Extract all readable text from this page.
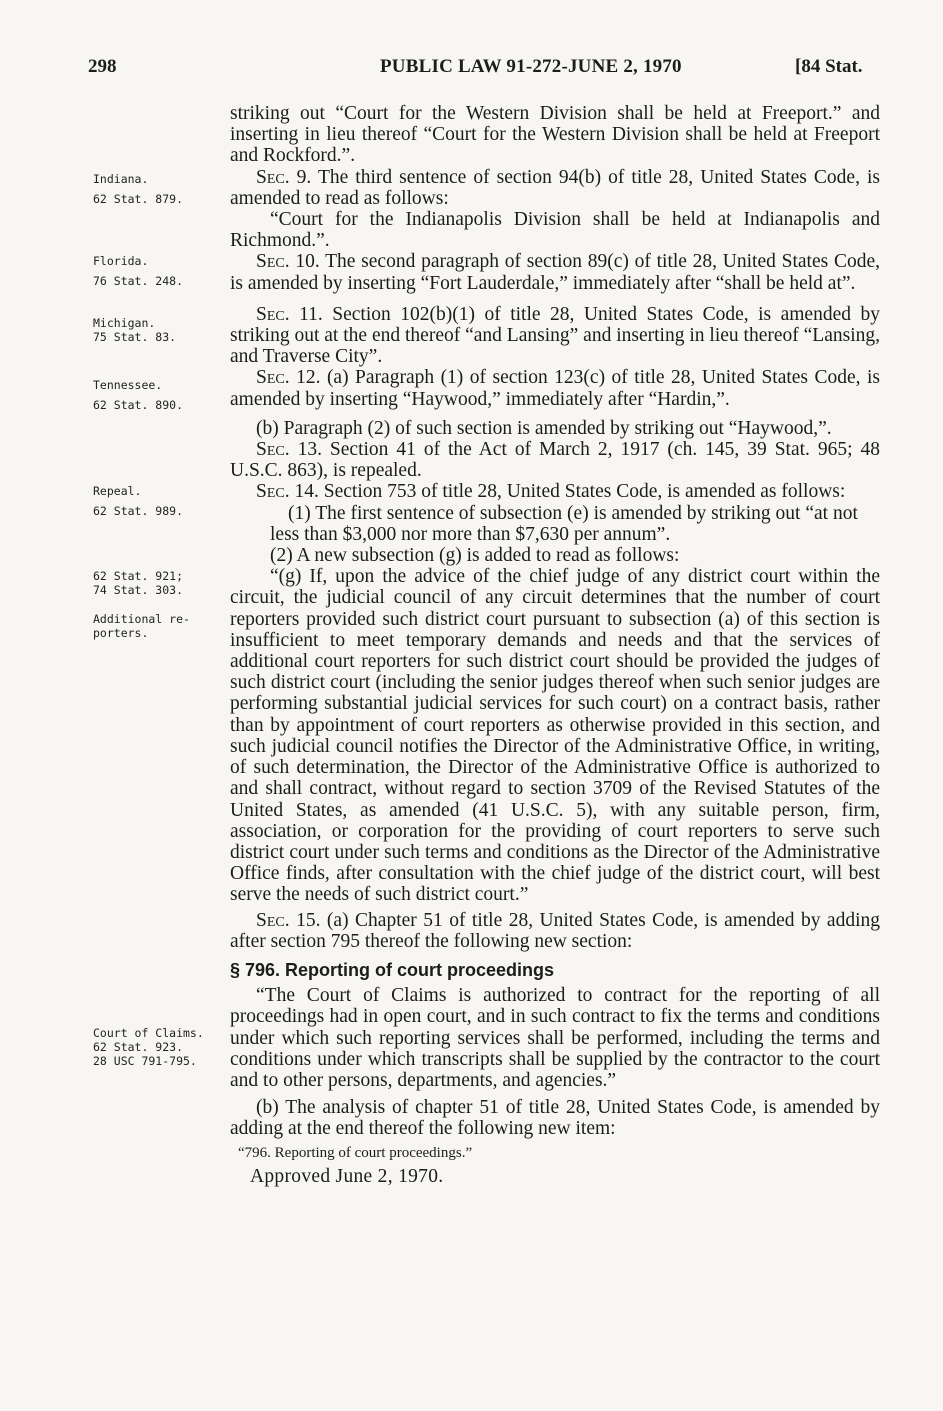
298	PUBLIC LAW 91-272-JUNE 2, 1970	[84 Stat.
Indiana.
62 Stat. 879.
Florida.
76 Stat. 248.
Michigan.
75 Stat. 83.
Tennessee.
62 Stat. 890.
Repeal.
62 Stat. 989.
62 Stat. 921;
74 Stat. 303.
Additional re-
porters.
Court of Claims.
62 Stat. 923.
28 USC 791-795.

striking out “Court for the Western Division shall be held at Freeport.” and inserting in lieu thereof “Court for the Western Division shall be held at Freeport and Rockford.”.

Sec. 9. The third sentence of section 94(b) of title 28, United States Code, is amended to read as follows:

“Court for the Indianapolis Division shall be held at Indianapolis and Richmond.”.

Sec. 10. The second paragraph of section 89(c) of title 28, United States Code, is amended by inserting “Fort Lauderdale,” immediately after “shall be held at”.

Sec. 11. Section 102(b)(1) of title 28, United States Code, is amended by striking out at the end thereof “and Lansing” and inserting in lieu thereof “Lansing, and Traverse City”.

Sec. 12. (a) Paragraph (1) of section 123(c) of title 28, United States Code, is amended by inserting “Haywood,” immediately after “Hardin,”.

(b) Paragraph (2) of such section is amended by striking out “Haywood,”.

Sec. 13. Section 41 of the Act of March 2, 1917 (ch. 145, 39 Stat. 965; 48 U.S.C. 863), is repealed.

Sec. 14. Section 753 of title 28, United States Code, is amended as follows:

(1) The first sentence of subsection (e) is amended by striking out “at not less than $3,000 nor more than $7,630 per annum”.

(2) A new subsection (g) is added to read as follows:

“(g) If, upon the advice of the chief judge of any district court within the circuit, the judicial council of any circuit determines that the number of court reporters provided such district court pursuant to subsection (a) of this section is insufficient to meet temporary demands and needs and that the services of additional court reporters for such district court should be provided the judges of such district court (including the senior judges thereof when such senior judges are performing substantial judicial services for such court) on a contract basis, rather than by appointment of court reporters as otherwise provided in this section, and such judicial council notifies the Director of the Administrative Office, in writing, of such determination, the Director of the Administrative Office is authorized to and shall contract, without regard to section 3709 of the Revised Statutes of the United States, as amended (41 U.S.C. 5), with any suitable person, firm, association, or corporation for the providing of court reporters to serve such district court under such terms and conditions as the Director of the Administrative Office finds, after consultation with the chief judge of the district court, will best serve the needs of such district court.”

Sec. 15. (a) Chapter 51 of title 28, United States Code, is amended by adding after section 795 thereof the following new section:

§ 796. Reporting of court proceedings

“The Court of Claims is authorized to contract for the reporting of all proceedings had in open court, and in such contract to fix the terms and conditions under which such reporting services shall be performed, including the terms and conditions under which transcripts shall be supplied by the contractor to the court and to other persons, departments, and agencies.”

(b) The analysis of chapter 51 of title 28, United States Code, is amended by adding at the end thereof the following new item:

“796. Reporting of court proceedings.”

Approved June 2, 1970.
